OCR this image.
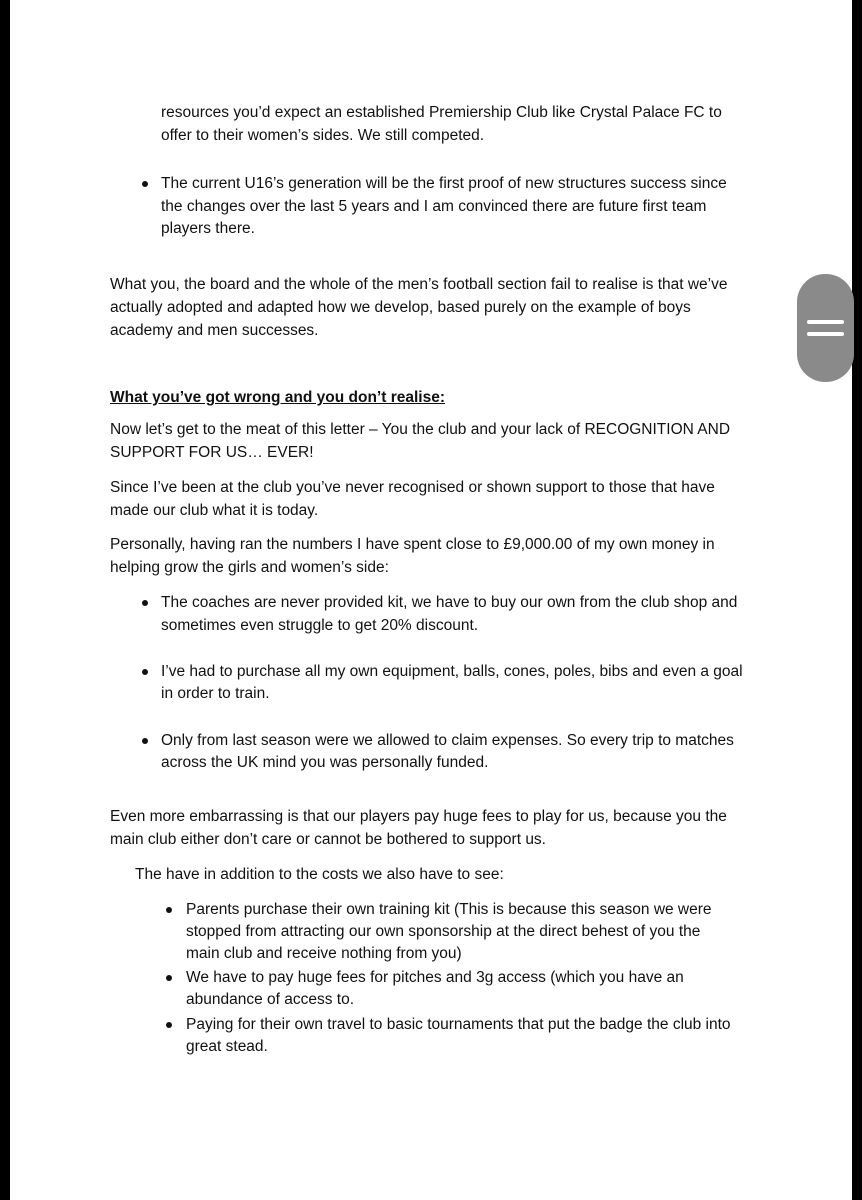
resources you’d expect an established Premiership Club like Crystal Palace FC to
offer to their women’s sides. We still competed.
The current U16’s generation will be the first proof of new structures success since
the changes over the last 5 years and I am convinced there are future first team
players there.
What you, the board and the whole of the men’s football section fail to realise is that we’ve
actually adopted and adapted how we develop, based purely on the example of boys
academy and men successes.
What you’ve got wrong and you don’t realise:
Now let’s get to the meat of this letter – You the club and your lack of RECOGNITION AND
SUPPORT FOR US… EVER!
Since I’ve been at the club you’ve never recognised or shown support to those that have
made our club what it is today.
Personally, having ran the numbers I have spent close to £9,000.00 of my own money in
helping grow the girls and women’s side:
The coaches are never provided kit, we have to buy our own from the club shop and
sometimes even struggle to get 20% discount.
I’ve had to purchase all my own equipment, balls, cones, poles, bibs and even a goal
in order to train.
Only from last season were we allowed to claim expenses. So every trip to matches
across the UK mind you was personally funded.
Even more embarrassing is that our players pay huge fees to play for us, because you the
main club either don’t care or cannot be bothered to support us.
The have in addition to the costs we also have to see:
Parents purchase their own training kit (This is because this season we were
stopped from attracting our own sponsorship at the direct behest of you the
main club and receive nothing from you)
We have to pay huge fees for pitches and 3g access (which you have an
abundance of access to.
Paying for their own travel to basic tournaments that put the badge the club into
great stead.
